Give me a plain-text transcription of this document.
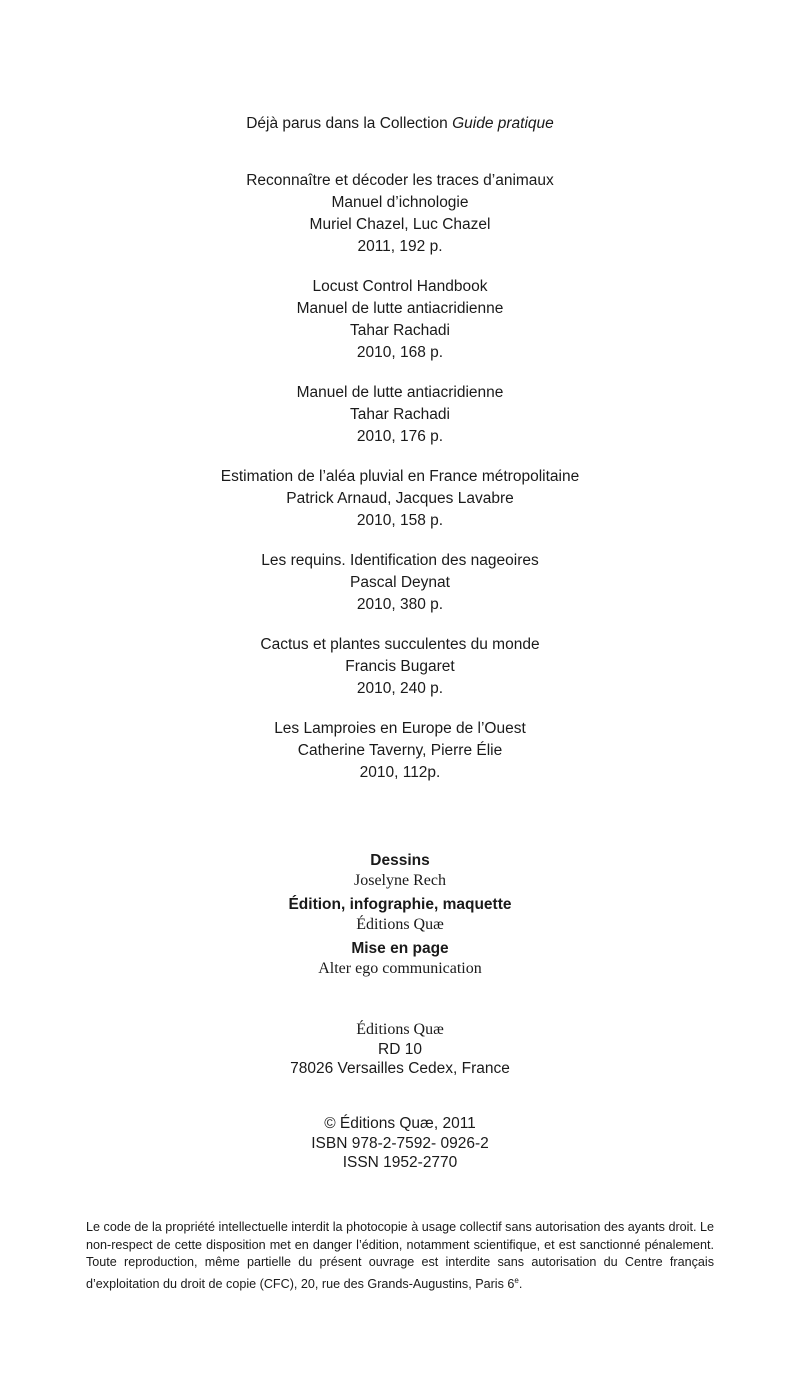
Déjà parus dans la Collection Guide pratique
Reconnaître et décoder les traces d’animaux
Manuel d’ichnologie
Muriel Chazel, Luc Chazel
2011, 192 p.
Locust Control Handbook
Manuel de lutte antiacridienne
Tahar Rachadi
2010, 168 p.
Manuel de lutte antiacridienne
Tahar Rachadi
2010, 176 p.
Estimation de l’aléa pluvial en France métropolitaine
Patrick Arnaud, Jacques Lavabre
2010, 158 p.
Les requins. Identification des nageoires
Pascal Deynat
2010, 380 p.
Cactus et plantes succulentes du monde
Francis Bugaret
2010, 240 p.
Les Lamproies en Europe de l’Ouest
Catherine Taverny, Pierre Élie
2010, 112p.
Dessins
Joselyne Rech
Édition, infographie, maquette
Éditions Quæ
Mise en page
Alter ego communication
Éditions Quæ
RD 10
78026 Versailles Cedex, France
© Éditions Quæ, 2011
ISBN 978-2-7592- 0926-2
ISSN 1952-2770
Le code de la propriété intellectuelle interdit la photocopie à usage collectif sans autorisation des ayants droit. Le non-respect de cette disposition met en danger l’édition, notamment scientifique, et est sanctionné pénalement. Toute reproduction, même partielle du présent ouvrage est interdite sans autorisation du Centre français d’exploitation du droit de copie (CFC), 20, rue des Grands-Augustins, Paris 6e.
